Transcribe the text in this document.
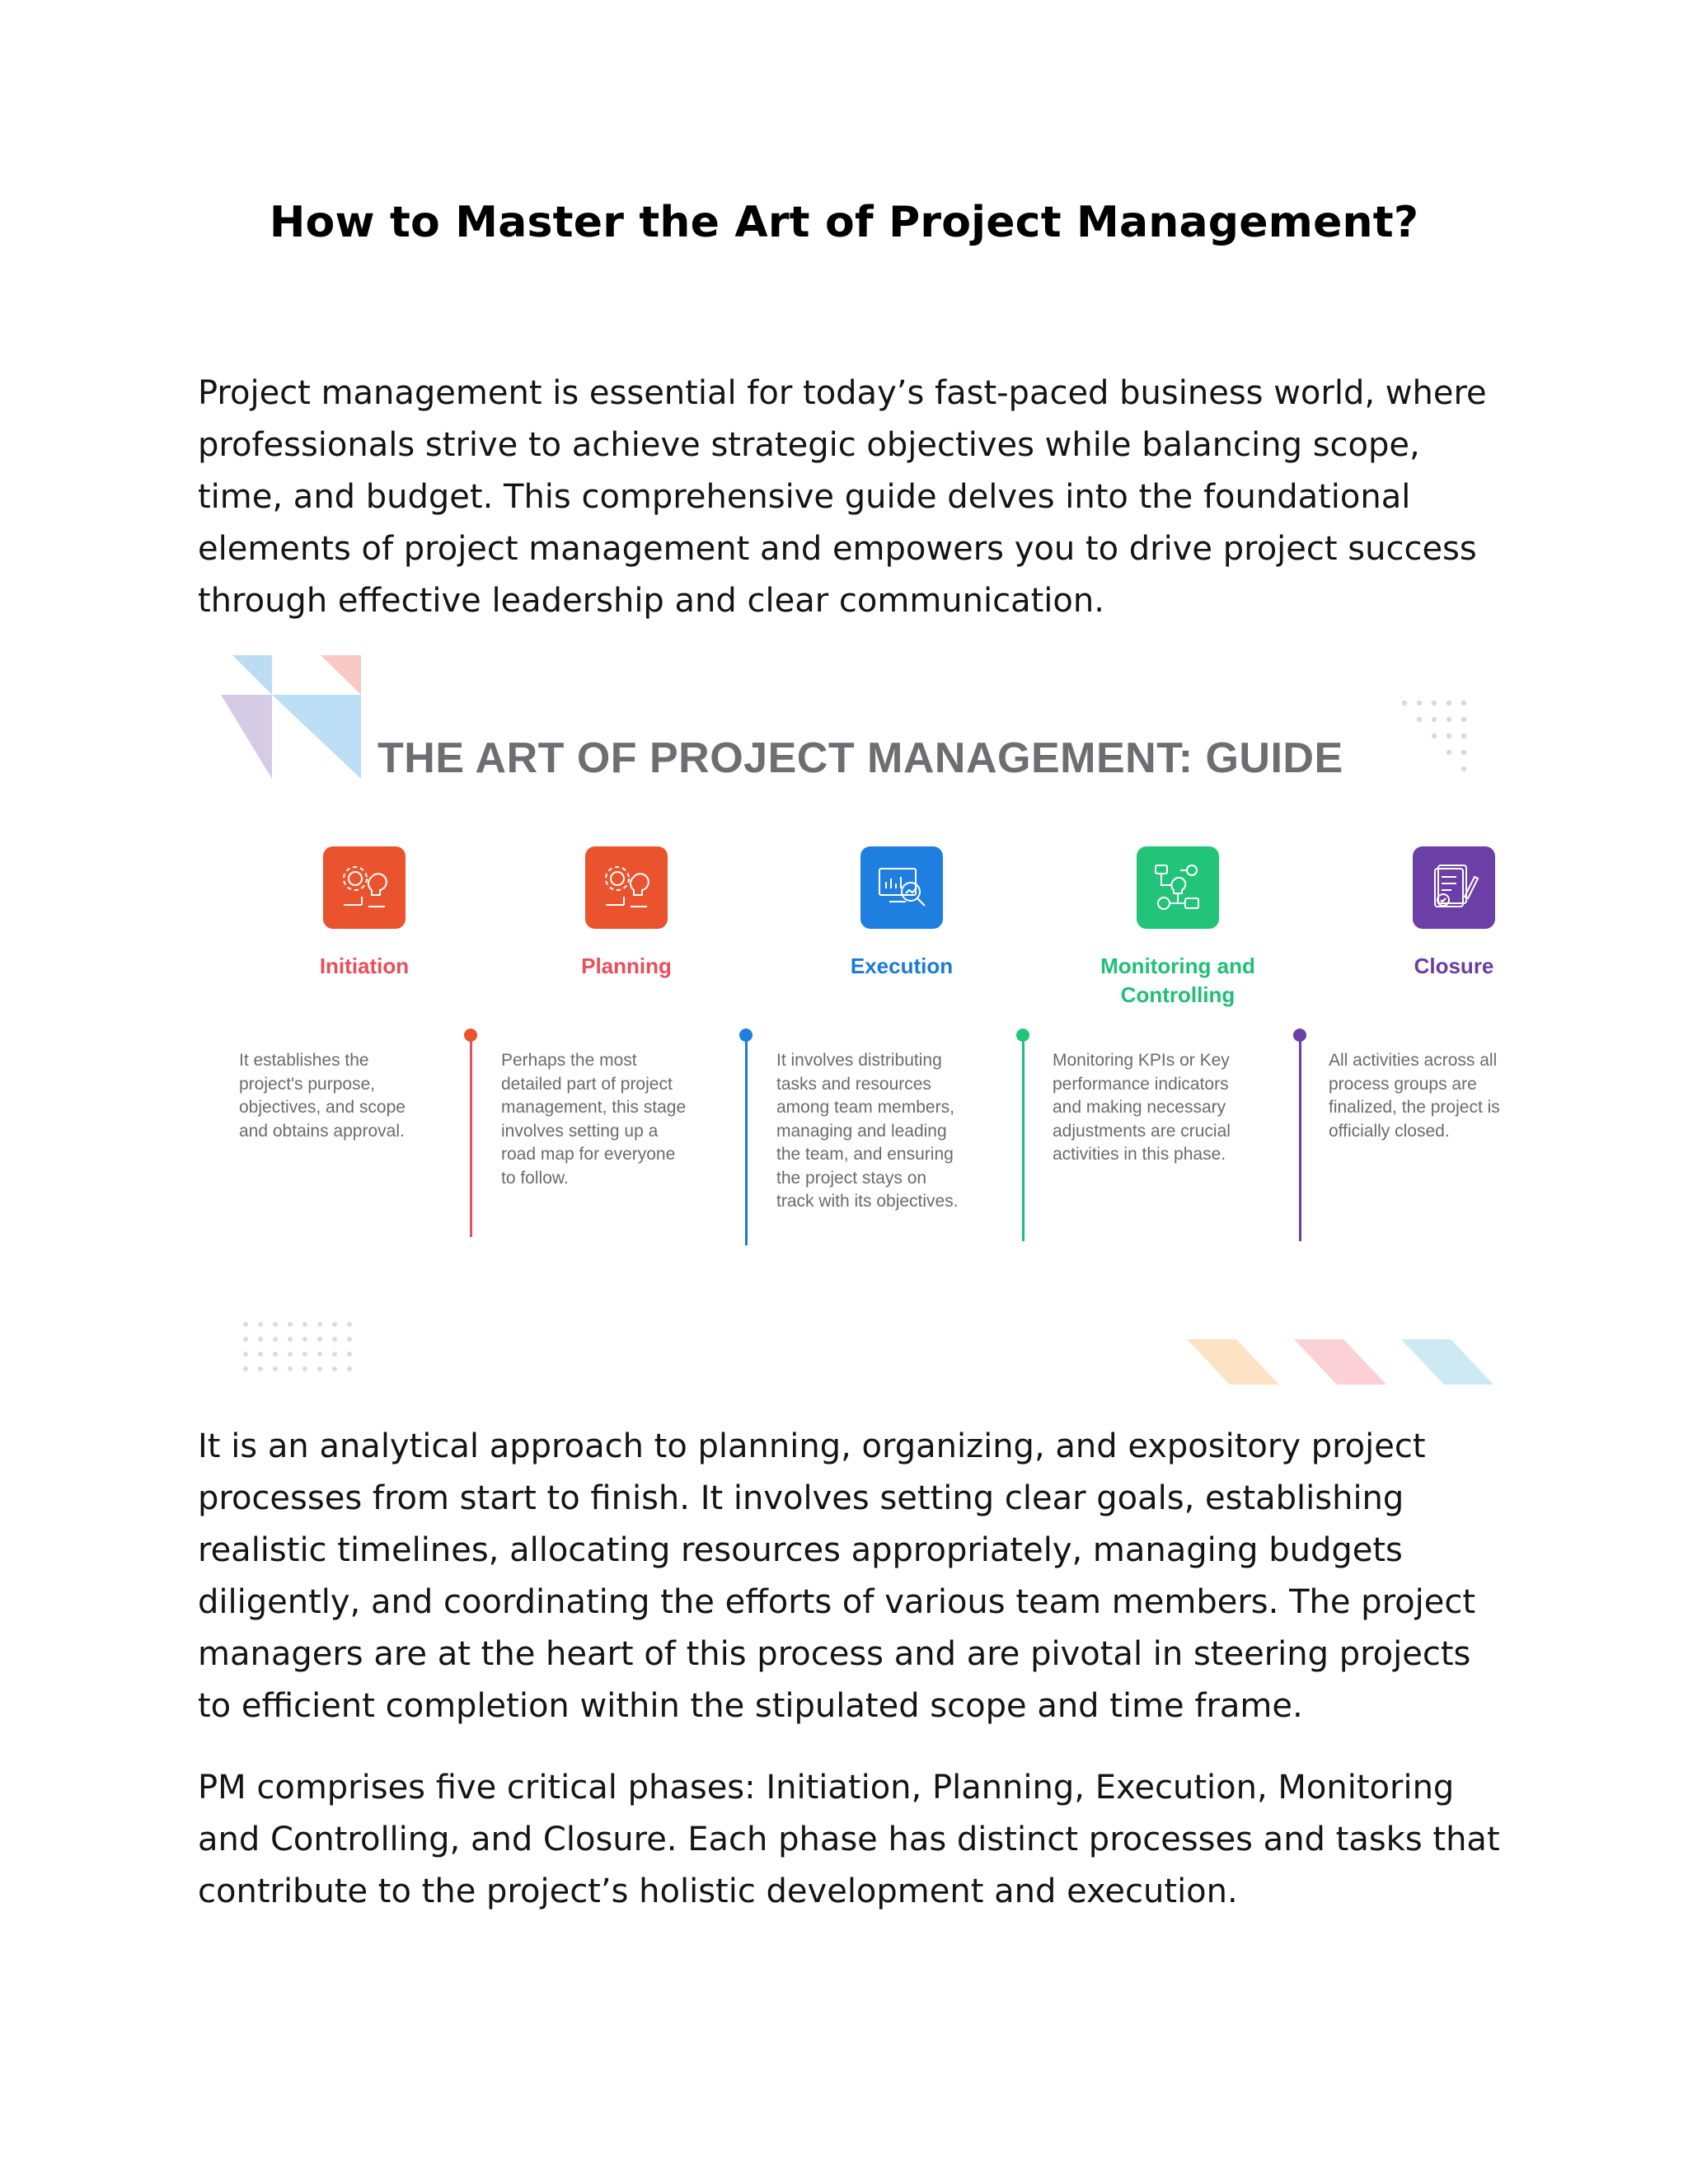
How to Master the Art of Project Management?

Project management is essential for today’s fast-paced business world, where professionals strive to achieve strategic objectives while balancing scope, time, and budget. This comprehensive guide delves into the foundational elements of project management and empowers you to drive project success through effective leadership and clear communication.

THE ART OF PROJECT MANAGEMENT: GUIDE
Initiation
It establishes the project's purpose, objectives, and scope and obtains approval.
Planning
Perhaps the most detailed part of project management, this stage involves setting up a road map for everyone to follow.
Execution
It involves distributing tasks and resources among team members, managing and leading the team, and ensuring the project stays on track with its objectives.
Monitoring and Controlling
Monitoring KPIs or Key performance indicators and making necessary adjustments are crucial activities in this phase.
Closure
All activities across all process groups are finalized, the project is officially closed.

It is an analytical approach to planning, organizing, and expository project processes from start to finish. It involves setting clear goals, establishing realistic timelines, allocating resources appropriately, managing budgets diligently, and coordinating the efforts of various team members. The project managers are at the heart of this process and are pivotal in steering projects to efficient completion within the stipulated scope and time frame.

PM comprises five critical phases: Initiation, Planning, Execution, Monitoring and Controlling, and Closure. Each phase has distinct processes and tasks that contribute to the project’s holistic development and execution.
